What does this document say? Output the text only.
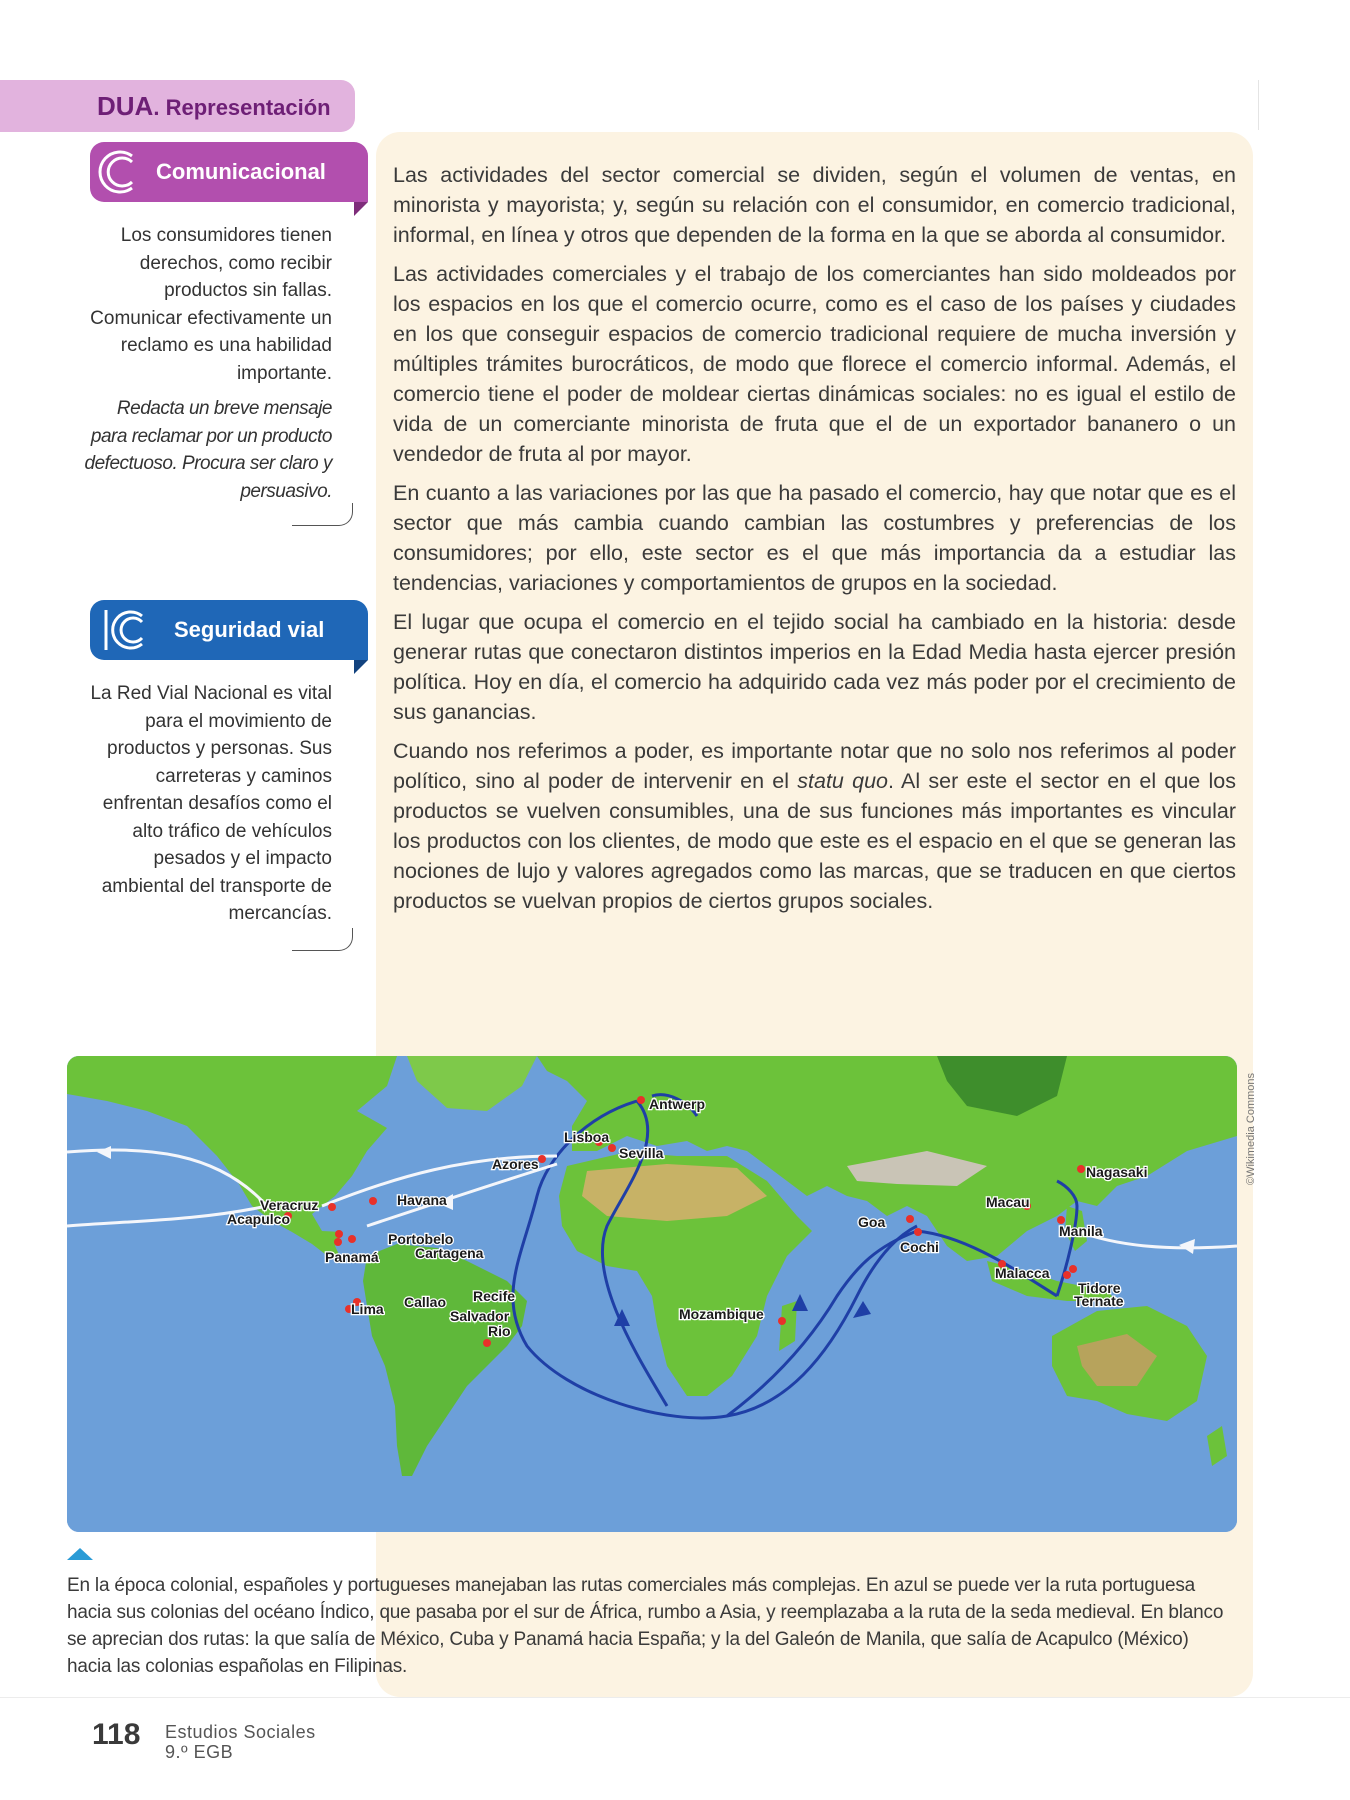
DUA. Representación
Comunicacional

Los consumidores tienen derechos, como recibir productos sin fallas. Comunicar efectivamente un reclamo es una habilidad importante.

Redacta un breve mensaje para reclamar por un producto defectuoso. Procura ser claro y persuasivo.

Seguridad vial

La Red Vial Nacional es vital para el movimiento de productos y personas. Sus carreteras y caminos enfrentan desafíos como el alto tráfico de vehículos pesados y el impacto ambiental del transporte de mercancías.

Las actividades del sector comercial se dividen, según el volumen de ventas, en minorista y mayorista; y, según su relación con el consumidor, en comercio tradicional, informal, en línea y otros que dependen de la forma en la que se aborda al consumidor.

Las actividades comerciales y el trabajo de los comerciantes han sido moldeados por los espacios en los que el comercio ocurre, como es el caso de los países y ciudades en los que conseguir espacios de comercio tradicional requiere de mucha inversión y múltiples trámites burocráticos, de modo que florece el comercio informal. Además, el comercio tiene el poder de moldear ciertas dinámicas sociales: no es igual el estilo de vida de un comerciante minorista de fruta que el de un exportador bananero o un vendedor de fruta al por mayor.

En cuanto a las variaciones por las que ha pasado el comercio, hay que notar que es el sector que más cambia cuando cambian las costumbres y preferencias de los consumidores; por ello, este sector es el que más importancia da a estudiar las tendencias, variaciones y comportamientos de grupos en la sociedad.

El lugar que ocupa el comercio en el tejido social ha cambiado en la historia: desde generar rutas que conectaron distintos imperios en la Edad Media hasta ejercer presión política. Hoy en día, el comercio ha adquirido cada vez más poder por el crecimiento de sus ganancias.

Cuando nos referimos a poder, es importante notar que no solo nos referimos al poder político, sino al poder de intervenir en el statu quo. Al ser este el sector en el que los productos se vuelven consumibles, una de sus funciones más importantes es vincular los productos con los clientes, de modo que este es el espacio en el que se generan las nociones de lujo y valores agregados como las marcas, que se traducen en que ciertos productos se vuelvan propios de ciertos grupos sociales.

Antwerp
Lisboa
Sevilla
Azores
Havana
Veracruz
Acapulco
Portobelo
Cartagena
Panamá
Recife
Callao
Lima	Salvador
Rio
Mozambique
Goa
Cochi
Macau
Nagasaki
Manila
Malacca
Tidore
Ternate
©Wikimedia Commons

En la época colonial, españoles y portugueses manejaban las rutas comerciales más complejas. En azul se puede ver la ruta portuguesa hacia sus colonias del océano Índico, que pasaba por el sur de África, rumbo a Asia, y reemplazaba a la ruta de la seda medieval. En blanco se aprecian dos rutas: la que salía de México, Cuba y Panamá hacia España; y la del Galeón de Manila, que salía de Acapulco (México) hacia las colonias españolas en Filipinas.

118 Estudios Sociales
9.º EGB
